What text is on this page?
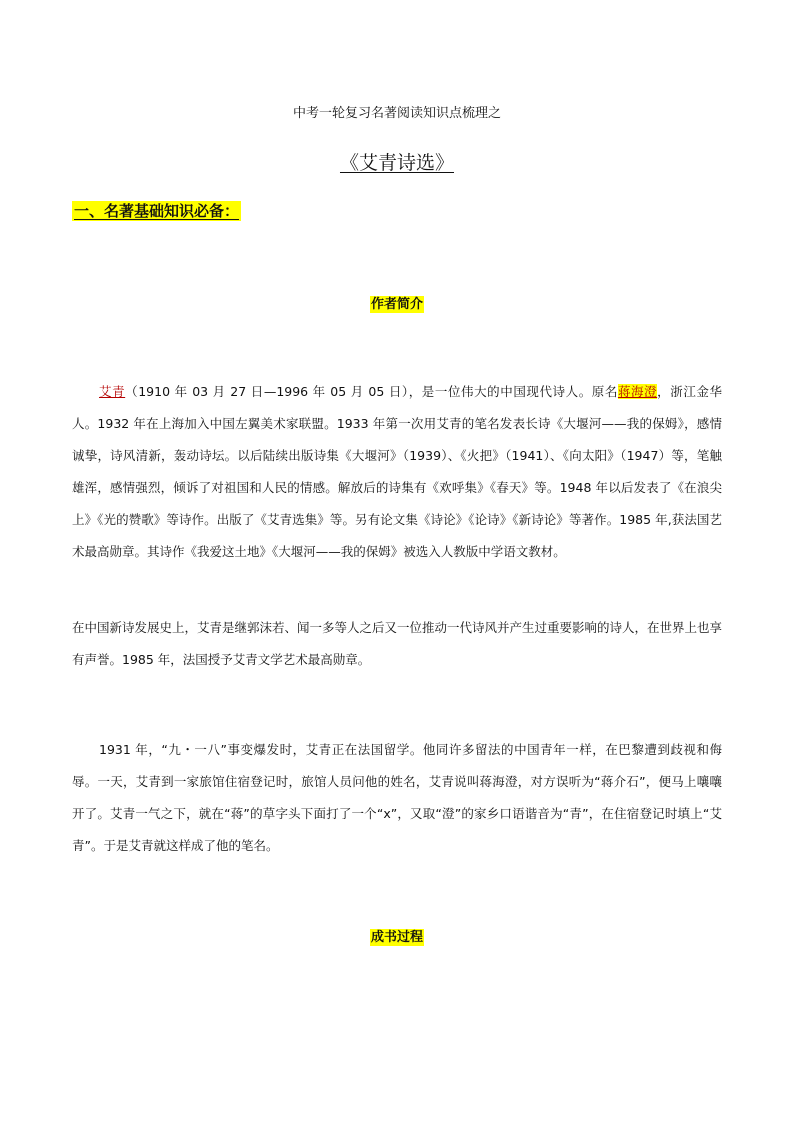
中考一轮复习名著阅读知识点梳理之
《艾青诗选》
一、名著基础知识必备：
作者简介
艾青（1910 年 03 月 27 日—1996 年 05 月 05 日），是一位伟大的中国现代诗人。原名蒋海澄，浙江金华人。1932 年在上海加入中国左翼美术家联盟。1933 年第一次用艾青的笔名发表长诗《大堰河——我的保姆》，感情诚挚，诗风清新，轰动诗坛。以后陆续出版诗集《大堰河》（1939）、《火把》（1941）、《向太阳》（1947）等，笔触雄浑，感情强烈，倾诉了对祖国和人民的情感。解放后的诗集有《欢呼集》《春天》等。1948 年以后发表了《在浪尖上》《光的赞歌》等诗作。出版了《艾青选集》等。另有论文集《诗论》《论诗》《新诗论》等著作。1985 年,获法国艺术最高勋章。其诗作《我爱这土地》《大堰河——我的保姆》被选入人教版中学语文教材。
在中国新诗发展史上，艾青是继郭沫若、闻一多等人之后又一位推动一代诗风并产生过重要影响的诗人，在世界上也享有声誉。1985 年，法国授予艾青文学艺术最高勋章。
1931 年，“九・一八”事变爆发时，艾青正在法国留学。他同许多留法的中国青年一样，在巴黎遭到歧视和侮辱。一天，艾青到一家旅馆住宿登记时，旅馆人员问他的姓名，艾青说叫蒋海澄，对方误听为“蒋介石”，便马上嚷嚷开了。艾青一气之下，就在“蒋”的草字头下面打了一个“x”，又取“澄”的家乡口语谐音为“青”，在住宿登记时填上“艾青”。于是艾青就这样成了他的笔名。
成书过程
